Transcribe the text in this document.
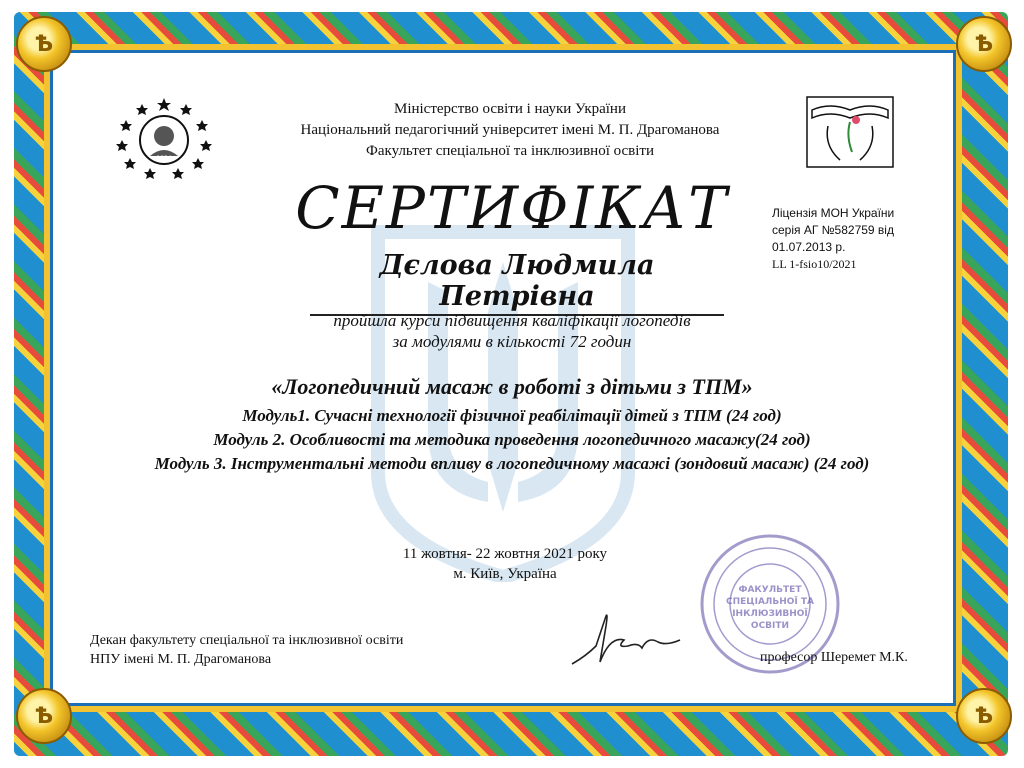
Ѣ	Ѣ
Ѣ	Ѣ
1834
Міністерство освіти і науки України
Національний педагогічний університет імені М. П. Драгоманова
Факультет спеціальної та інклюзивної освіти
СЕРТИФІКАТ
Дєлова Людмила Петрівна
Ліцензія МОН України
серія АГ №582759 від
01.07.2013 р.
LL 1-fsio10/2021
пройшла курси підвищення кваліфікації логопедів
за модулями в кількості 72 годин
«Логопедичний масаж в роботі з дітьми з ТПМ»
Модуль1. Сучасні технології фізичної реабілітації дітей з ТПМ (24 год)
Модуль 2. Особливості та методика проведення логопедичного масажу(24 год)
Модуль 3. Інструментальні методи впливу в логопедичному масажі (зондовий масаж) (24 год)
11 жовтня- 22 жовтня 2021 року
м. Київ, Україна
ФАКУЛЬТЕТ
СПЕЦІАЛЬНОЇ ТА
ІНКЛЮЗИВНОЇ
ОСВІТИ
Декан факультету спеціальної та інклюзивної освіти
НПУ імені М. П. Драгоманова	професор Шеремет М.К.
